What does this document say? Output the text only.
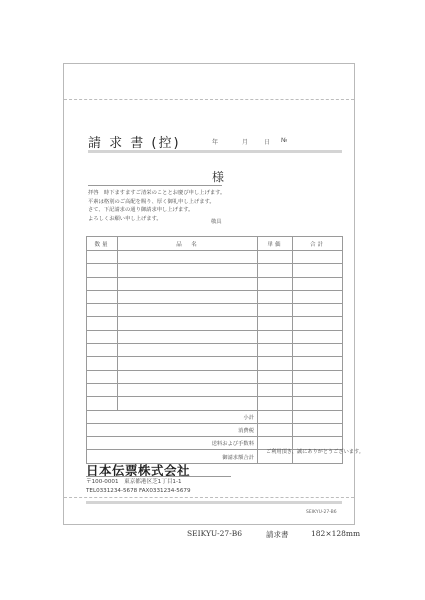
請 求 書 (控)	年	月	日 №
様
拝啓　時下ますますご清栄のこととお慶び申し上げます。
平素は格別のご高配を賜り、厚く御礼申し上げます。
さて、下記請求の通り御請求申し上げます。
よろしくお願い申し上げます。
敬具
数量	品　名	単価	合計

小計			
消費税			
送料および手数料			
御請求額合計			
ご利用頂き、誠にありがとうございます。
日本伝票株式会社
〒100-0001　東京都港区芝1丁目1-1
TEL0331234-5678 FAX0331234-5679
SEIKYU-27-B6
SEIKYU-27-B6	請求書	182×128mm
